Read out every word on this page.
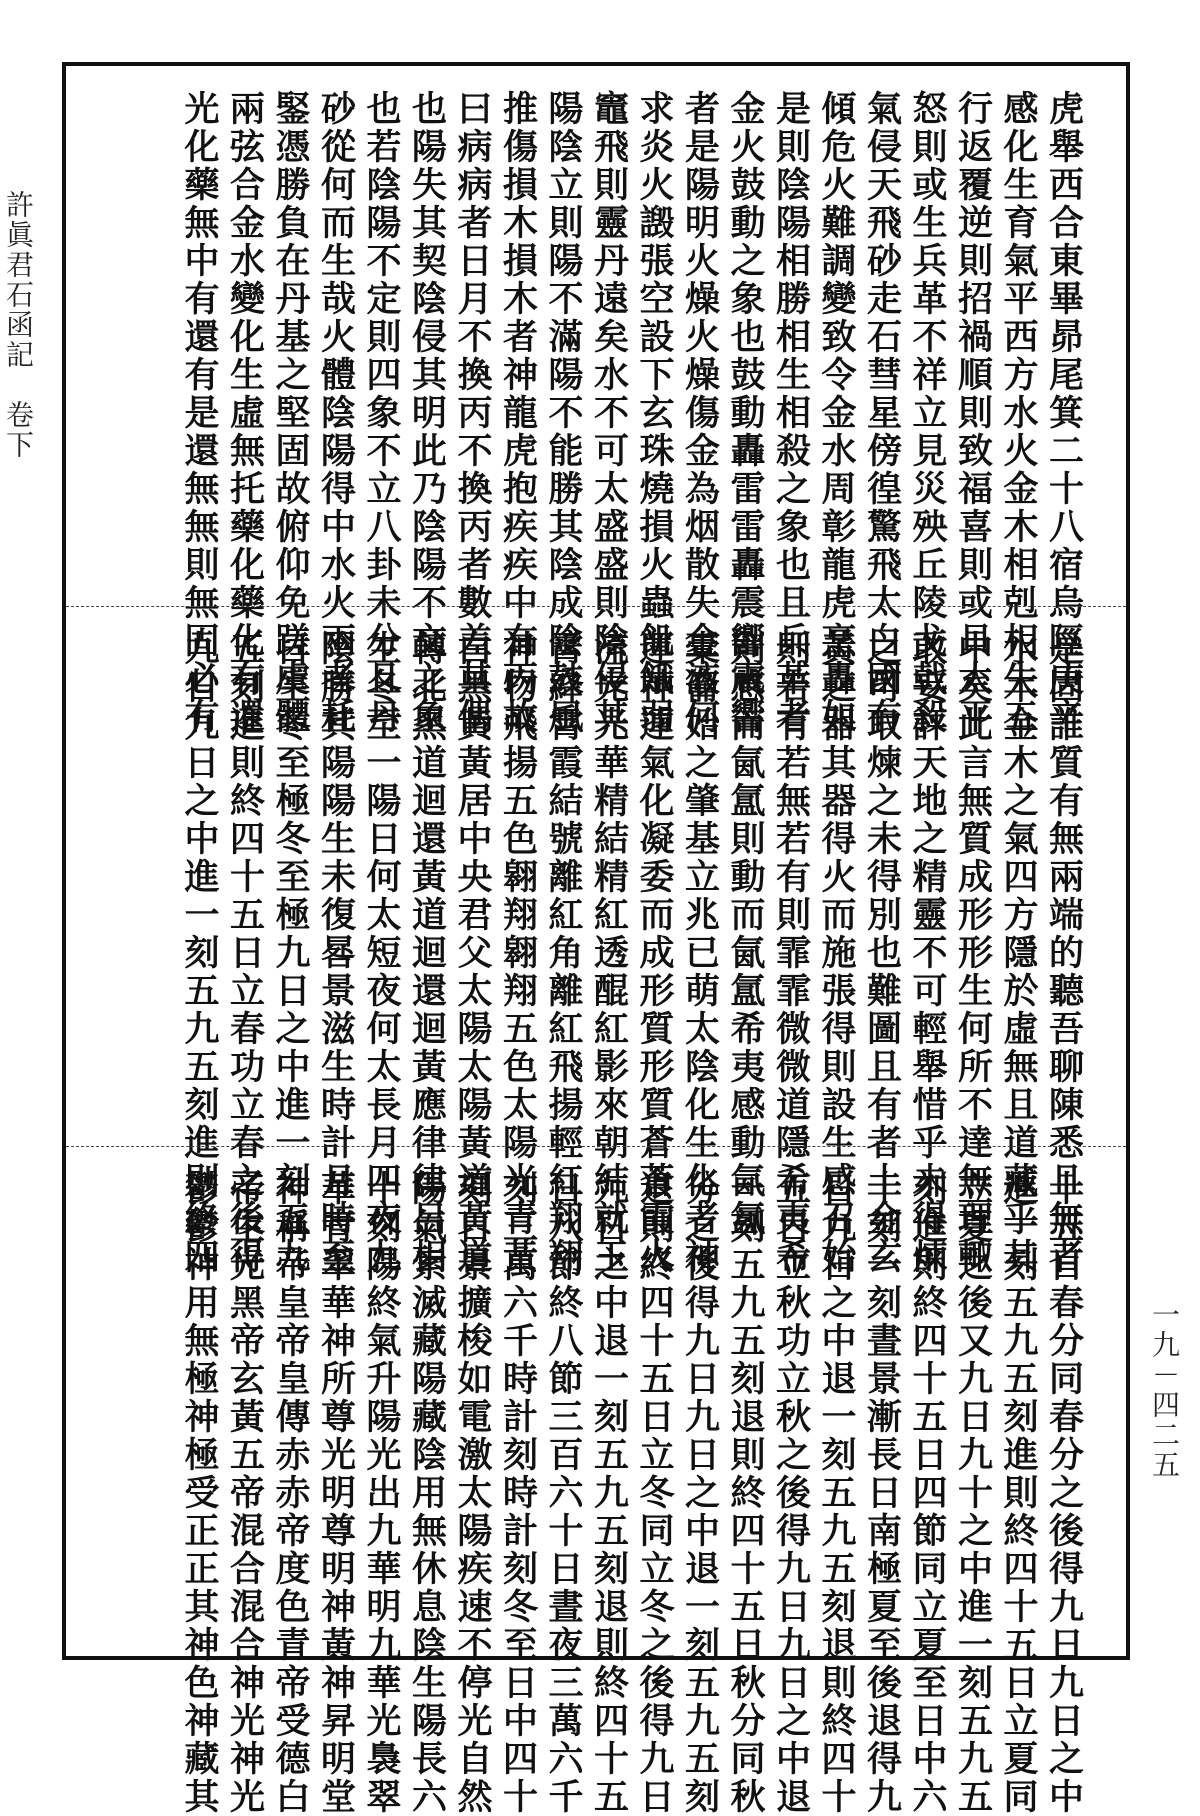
許眞君石函記　卷下
一九－四二五
虎舉西合東畢昴尾箕二十八宿烏陘庚辛
感化生育氣平西方水火金木相剋相生五
行返覆逆則招禍順則致福喜則或貝太平
怒則或生兵革不祥立見災殃丘陵戈戟殺
氣侵天飛砂走石彗星傍徨驚飛太白國有
傾危火難調變致令金水周彰龍虎烹轟如
是則陰陽相勝相生相殺之象也且兵革者
金火鼓動之象也鼓動轟雷雷轟震響震響
者是陽明火燥火燥傷金為烟散失金液何
求炎火譭張空設下玄珠燒損火蟲飢餓弱
竈飛則靈丹遠矣水不可太盛盛則陰侵其
陽陰立則陽不滿陽不能勝其陰成陰鼓風
推傷損木損木者神龍虎抱疾疾中有丙故
曰病病者日月不換丙不換丙者數差其偶
也陽失其契陰侵其明此乃陰陽不交之象
也若陰陽不定則四象不立八卦未分且丹
砂從何而生哉火體陰陽得中水火兩者耗
鋻憑勝負在丹基之堅固故俯仰免蹉虞體
兩弦合金水變化生虛無托藥化藥化有還
光化藥無中有還有是還無無則無固必有
是固誰質有無兩端的聽吾聊陳悉且無者
水木金木之氣四方隱於虛無且道藏乎其
中矣此言無質成形形生何所不達無理輙
敢妄評天地之精靈不可輕舉惜乎未得煉
之可取煉之未得別也難圖且有者土金玄
黃之器其器得火而施張得則設生感召始
則若有若無若有則霏霏微微道隱希夷希
則感而氤氲則動而氤氲希夷感動氤氲
橐籥始之肇基立兆已萌太陰化生化者神
運神運氣化凝委而成形質形質蒼蒼霞火
流光光華精結精紅透醌紅影來朝結就玉
霄絳霄霞結號離紅角離紅飛揚輕紅翔翔
神物飛揚五色翱翔翱翔五色太陽光青黃
白黑黃黃居中央君父太陽太陽黃道黃道
轉北黑道迴還黃道迴還迴黃應律律呂相
生冬至一陽日何太短夜何太長月四夜九
陰勝其陽陽生未復晷景滋生時計月時至
日生冬至極冬至極九日之中進一刻五九
五刻進則終四十五日立春功立春之後得
九日九日之中進一刻五九五刻進則終四
十五日春分同春分之後得九日九日之中
進一刻五九五刻進則終四十五日立夏同
立夏之後又九日九十之中進一刻五九五
刻進則終四十五日四節同立夏至日中六
十刻一刻晝景漸長日南極夏至後退得九
日九日之中退一刻五九五刻退則終四十
五日立秋功立秋之後得九日九日之中退
一刻五九五刻退則終四十五日秋分同秋
分之後得九日九日之中退一刻五九五刻
退則終四十五日立冬同立冬之後得九日
九日之中退一刻五九五刻退則終四十五
日八節終八節三百六十日晝夜三萬六千
刻三萬六千時計刻時計刻冬至日中四十
刻日景擴梭如電激太陽疾速不停光自然
陽氣索滅藏陽藏陰用無休息陰生陽長六
十刻陽終氣升陽光出九華明九華光裊翠
華青翠華神所尊光明尊明神黃神昇明堂
神稱帝皇帝皇傳赤赤帝度色青帝受德白
帝生光黑帝玄黃五帝混合混合神光神光
鬱鬱神用無極神極受正正其神色神藏其
